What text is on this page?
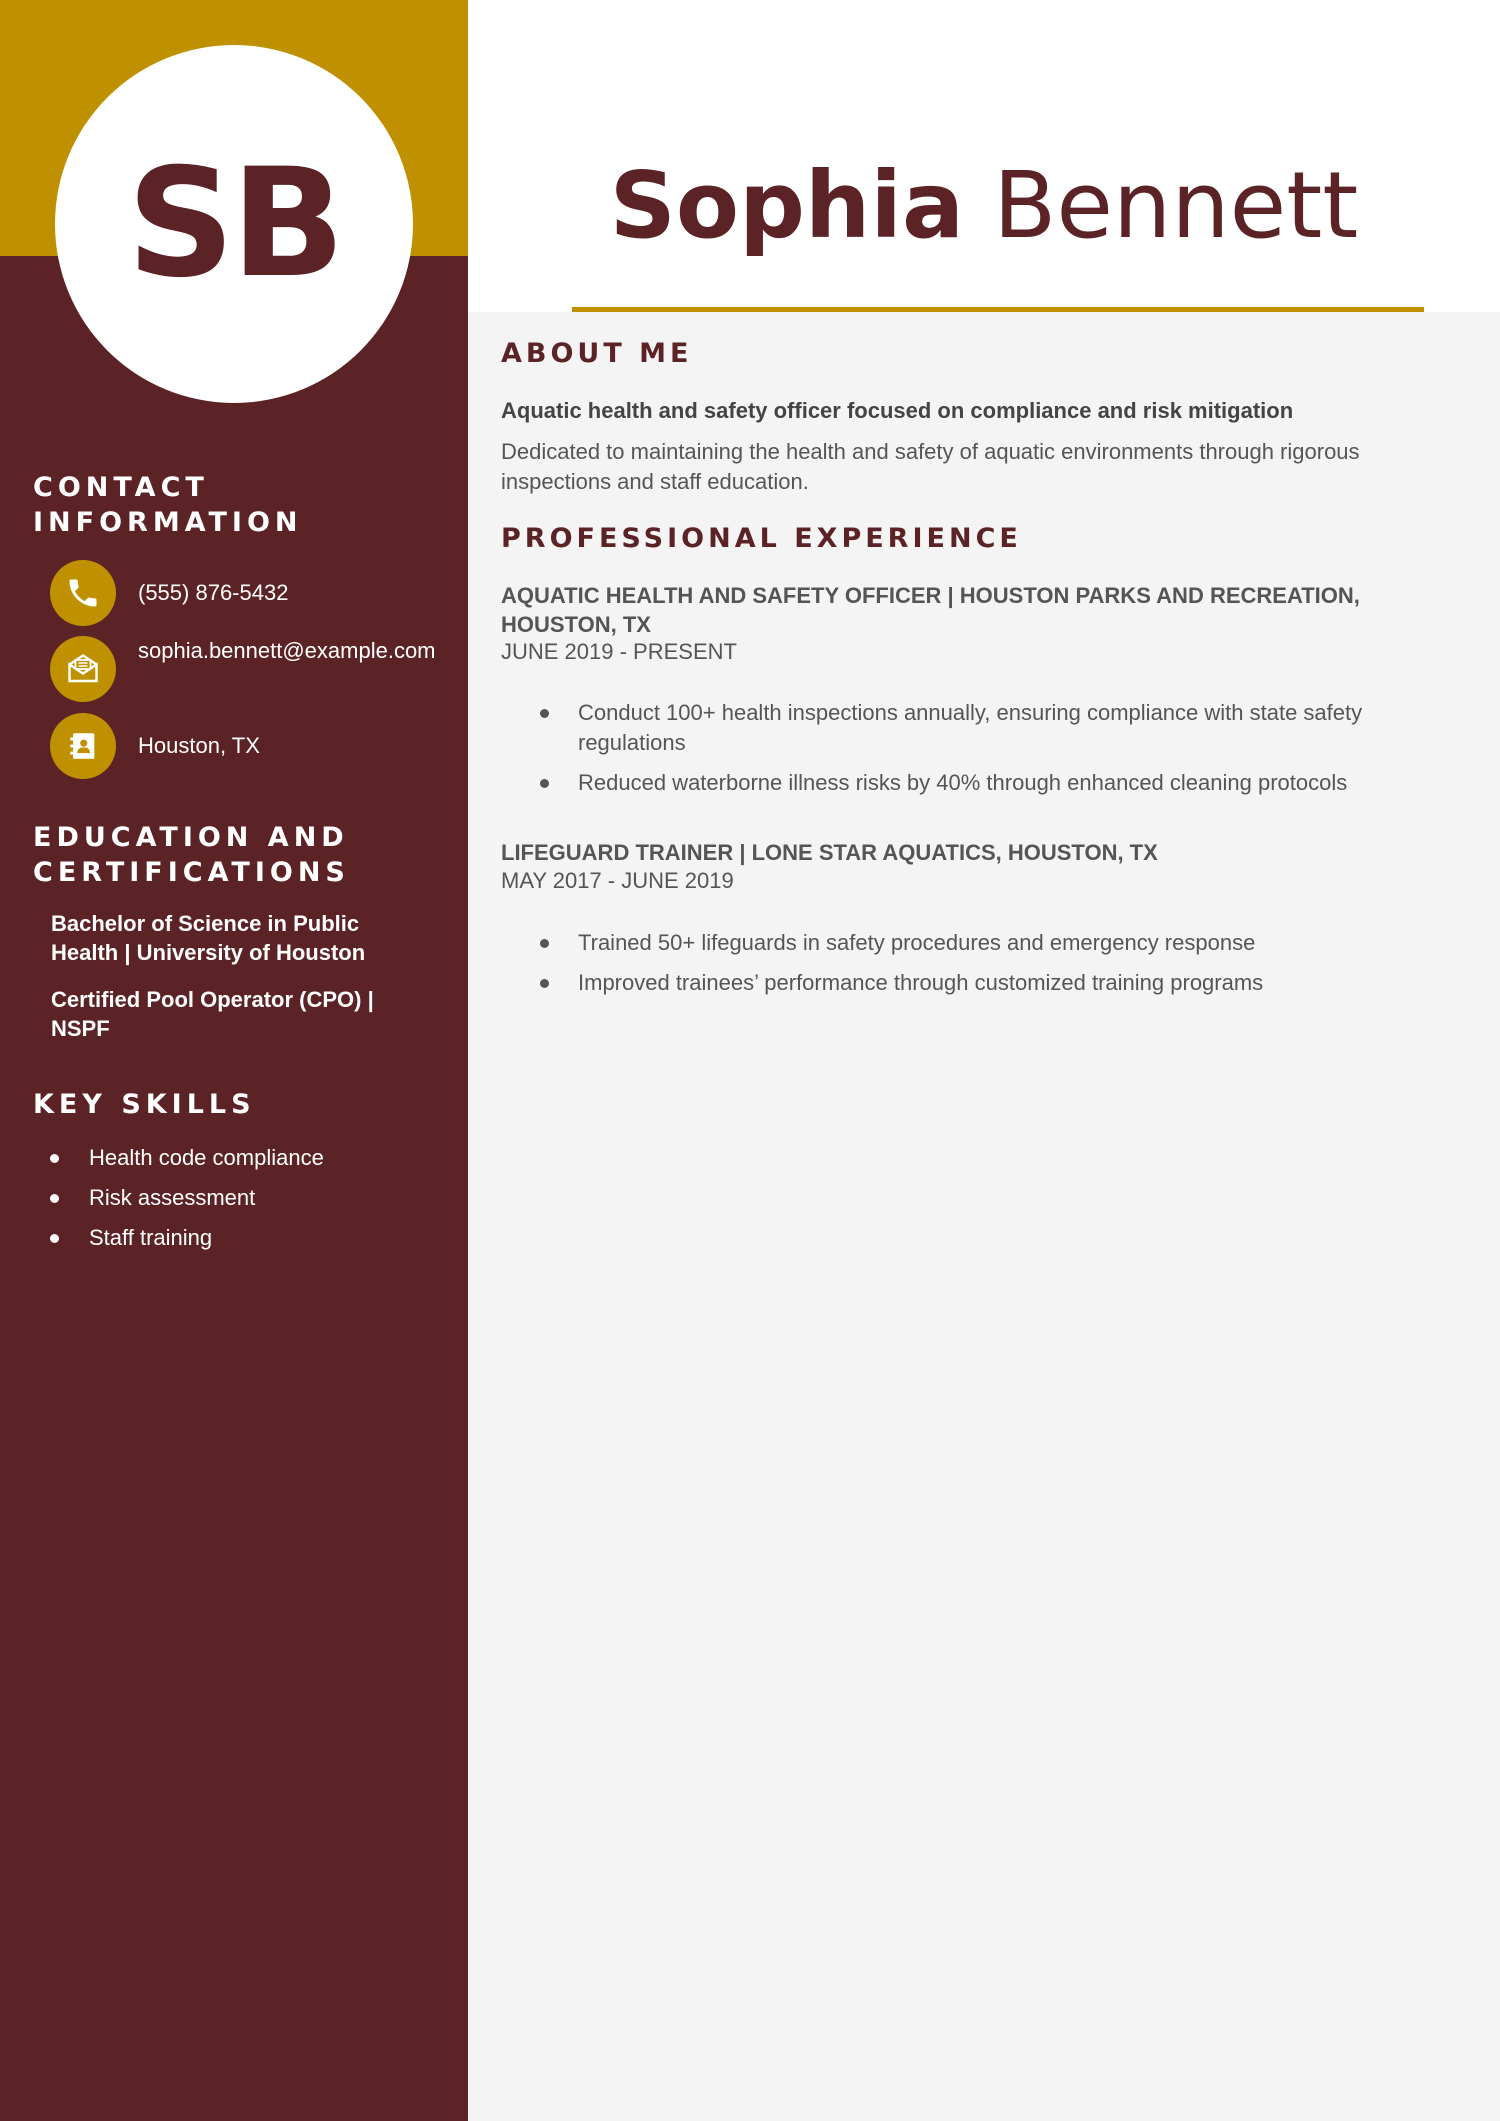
SB	Sophia Bennett
CONTACT INFORMATION
(555) 876-5432
sophia.bennett@example.com
Houston, TX
EDUCATION AND CERTIFICATIONS
Bachelor of Science in Public Health | University of Houston
Certified Pool Operator (CPO) | NSPF
KEY SKILLS
Health code compliance
Risk assessment
Staff training
ABOUT ME
Aquatic health and safety officer focused on compliance and risk mitigation
Dedicated to maintaining the health and safety of aquatic environments through rigorous inspections and staff education.
PROFESSIONAL EXPERIENCE
AQUATIC HEALTH AND SAFETY OFFICER | HOUSTON PARKS AND RECREATION, HOUSTON, TX
JUNE 2019 - PRESENT
Conduct 100+ health inspections annually, ensuring compliance with state safety regulations
Reduced waterborne illness risks by 40% through enhanced cleaning protocols
LIFEGUARD TRAINER | LONE STAR AQUATICS, HOUSTON, TX
MAY 2017 - JUNE 2019
Trained 50+ lifeguards in safety procedures and emergency response
Improved trainees’ performance through customized training programs
